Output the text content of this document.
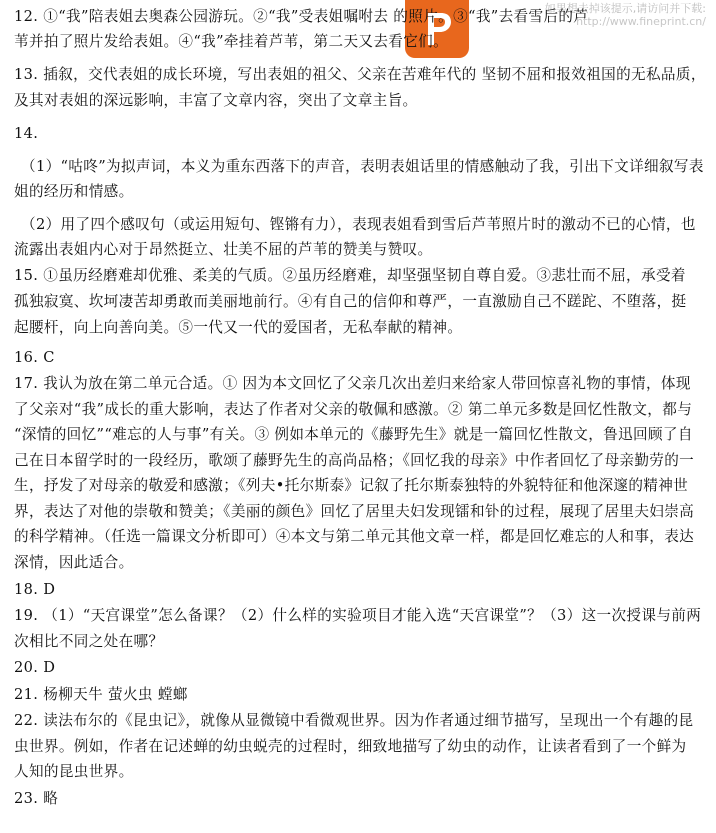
如果想去掉该提示,请访问并下载:
http://www.fineprint.cn/
12. ①“我”陪表姐去奥森公园游玩。②“我”受表姐嘱咐去 的照片。③“我”去看雪后的芦
苇并拍了照片发给表姐。④“我”牵挂着芦苇，第二天又去看它们。
13. 插叙，交代表姐的成长环境，写出表姐的祖父、父亲在苦难年代的 坚韧不屈和报效祖国的无私品质，
及其对表姐的深远影响，丰富了文章内容，突出了文章主旨。
14.
（1）“咕咚”为拟声词，本义为重东西落下的声音，表明表姐话里的情感触动了我，引出下文详细叙写表
姐的经历和情感。
（2）用了四个感叹句（或运用短句、铿锵有力），表现表姐看到雪后芦苇照片时的激动不已的心情，也
流露出表姐内心对于昂然挺立、壮美不屈的芦苇的赞美与赞叹。
15. ①虽历经磨难却优雅、柔美的气质。②虽历经磨难，却坚强坚韧自尊自爱。③悲壮而不屈，承受着
孤独寂寞、坎坷凄苦却勇敢而美丽地前行。④有自己的信仰和尊严，一直激励自己不蹉跎、不堕落，挺
起腰杆，向上向善向美。⑤一代又一代的爱国者，无私奉献的精神。
16. C
17. 我认为放在第二单元合适。① 因为本文回忆了父亲几次出差归来给家人带回惊喜礼物的事情，体现
了父亲对“我”成长的重大影响，表达了作者对父亲的敬佩和感激。② 第二单元多数是回忆性散文，都与
“深情的回忆”“难忘的人与事”有关。③ 例如本单元的《藤野先生》就是一篇回忆性散文，鲁迅回顾了自
己在日本留学时的一段经历，歌颂了藤野先生的高尚品格；《回忆我的母亲》中作者回忆了母亲勤劳的一
生，抒发了对母亲的敬爱和感激；《列夫•托尔斯泰》记叙了托尔斯泰独特的外貌特征和他深邃的精神世
界，表达了对他的崇敬和赞美；《美丽的颜色》回忆了居里夫妇发现镭和钋的过程，展现了居里夫妇崇高
的科学精神。（任选一篇课文分析即可）④本文与第二单元其他文章一样，都是回忆难忘的人和事，表达
深情，因此适合。
18. D
19. （1）“天宫课堂”怎么备课？（2）什么样的实验项目才能入选“天宫课堂”？（3）这一次授课与前两
次相比不同之处在哪？
20. D
21. 杨柳天牛 萤火虫 螳螂
22. 读法布尔的《昆虫记》，就像从显微镜中看微观世界。因为作者通过细节描写，呈现出一个有趣的昆
虫世界。例如，作者在记述蝉的幼虫蜕壳的过程时，细致地描写了幼虫的动作，让读者看到了一个鲜为
人知的昆虫世界。
23. 略
